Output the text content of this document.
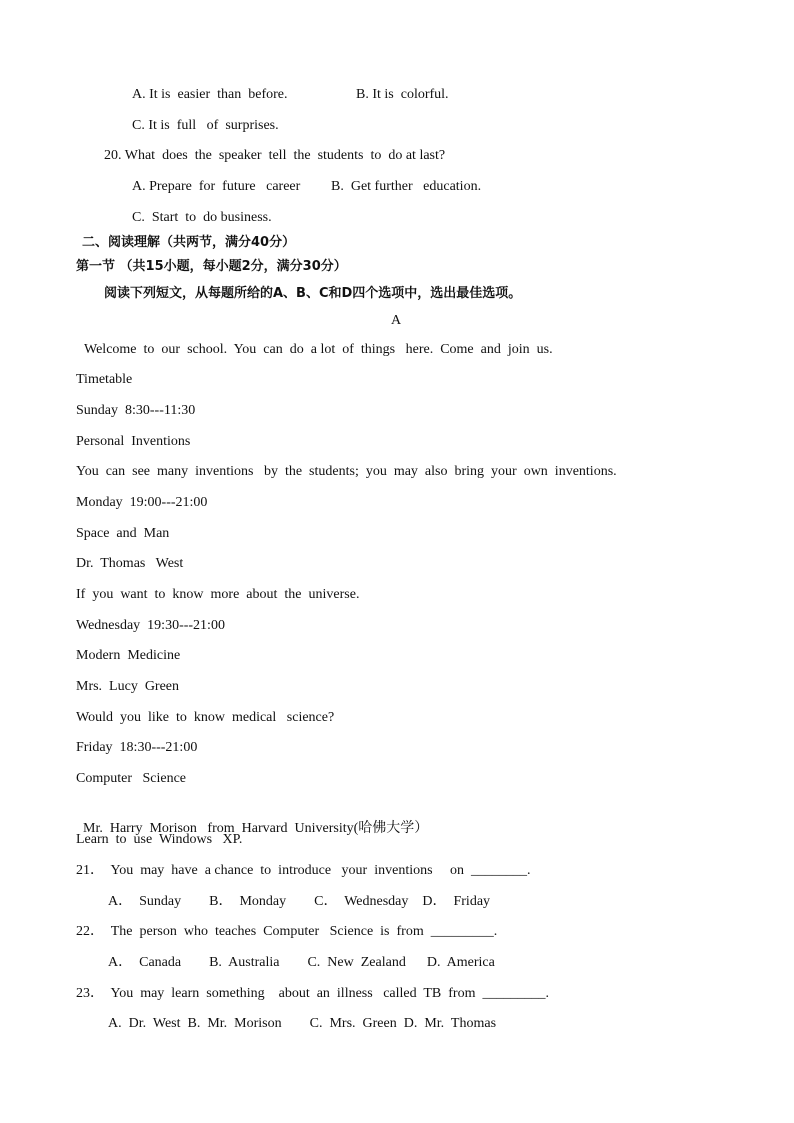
A. It is  easier  than  before.	B. It is  colorful.
C. It is  full   of  surprises.
20. What  does  the  speaker  tell  the  students  to  do at last?
A. Prepare  for  future   career B.  Get further   education.
C.  Start  to  do business.
二、阅读理解（共两节，满分40分）
第一节 （共15小题，每小题2分，满分30分）
阅读下列短文，从每题所给的A、B、C和D四个选项中，选出最佳选项。
A
Welcome  to  our  school.  You  can  do  a lot  of  things   here.  Come  and  join  us.
Timetable
Sunday  8:30---11:30
Personal  Inventions
You  can  see  many  inventions   by  the  students;  you  may  also  bring  your  own  inventions.
Monday  19:00---21:00
Space  and  Man
Dr.  Thomas   West
If  you  want  to  know  more  about  the  universe.
Wednesday  19:30---21:00
Modern  Medicine
Mrs.  Lucy  Green
Would  you  like  to  know  medical   science?
Friday  18:30---21:00
Computer   Science

Mr.  Harry  Morison   from  Harvard  University(哈佛大学）

Learn  to  use  Windows   XP.
21．  You  may  have  a chance  to  introduce   your  inventions     on  ________.
A．  Sunday        B．  Monday        C．  Wednesday    D．  Friday
22．  The  person  who  teaches  Computer   Science  is  from  _________.
A．  Canada        B.  Australia        C.  New  Zealand      D.  America
23．  You  may  learn  something    about  an  illness   called  TB  from  _________.
A.  Dr.  West  B.  Mr.  Morison        C.  Mrs.  Green  D.  Mr.  Thomas
